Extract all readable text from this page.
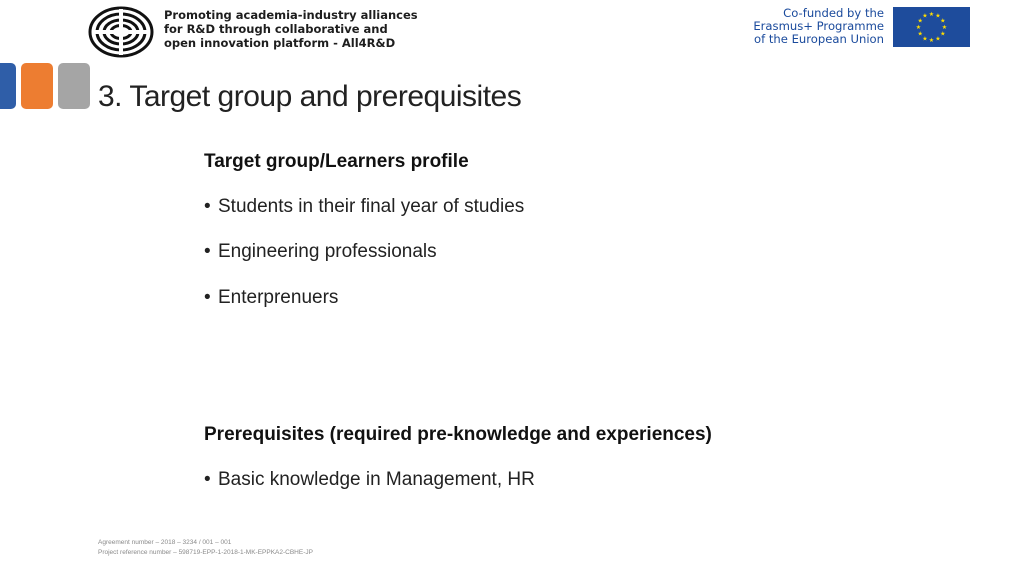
Promoting academia-industry alliances
for R&D through collaborative and
open innovation platform - All4R&D
Co-funded by the
Erasmus+ Programme
of the European Union
★
★
★
★
★
★
★
★
★ ★ ★
★
3. Target group and prerequisites
Target group/Learners profile
• Students in their final year of studies
• Engineering professionals
• Enterprenuers
Prerequisites (required pre-knowledge and experiences)
• Basic knowledge in Management, HR
Agreement number – 2018 – 3234 / 001 – 001
Project reference number – 598719-EPP-1-2018-1-MK-EPPKA2-CBHE-JP
